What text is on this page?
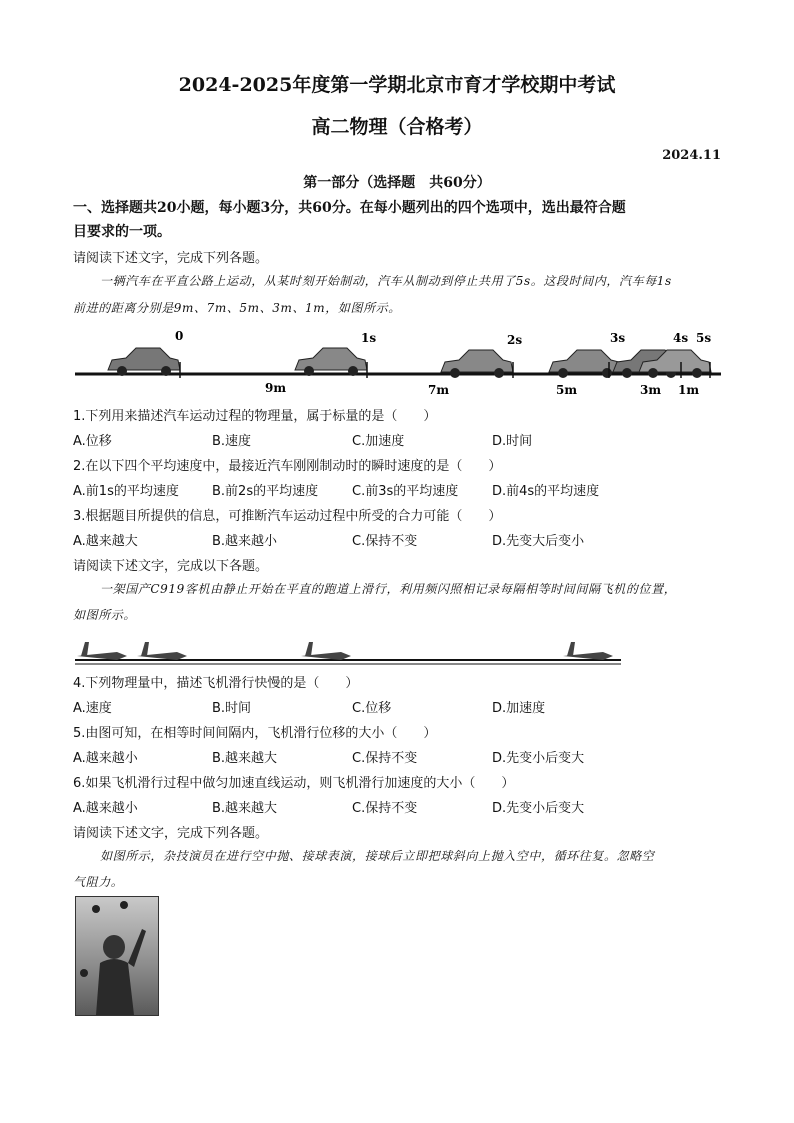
2024-2025年度第一学期北京市育才学校期中考试
高二物理（合格考）
2024.11
第一部分（选择题　共60分）
一、选择题共20小题，每小题3分，共60分。在每小题列出的四个选项中，选出最符合题
目要求的一项。
请阅读下述文字，完成下列各题。
一辆汽车在平直公路上运动，从某时刻开始制动，汽车从制动到停止共用了5s。这段时间内，汽车每1s
前进的距离分别是9m、7m、5m、3m、1m，如图所示。
0	1s	2s	3s	4s 5s
9m	7m	5m	3m 1m
1.下列用来描述汽车运动过程的物理量，属于标量的是（　　）
A.位移	B.速度	C.加速度	D.时间
2.在以下四个平均速度中，最接近汽车刚刚制动时的瞬时速度的是（　　）
A.前1s的平均速度	B.前2s的平均速度	C.前3s的平均速度	D.前4s的平均速度
3.根据题目所提供的信息，可推断汽车运动过程中所受的合力可能（　　）
A.越来越大	B.越来越小	C.保持不变	D.先变大后变小
请阅读下述文字，完成以下各题。
一架国产C919客机由静止开始在平直的跑道上滑行，利用频闪照相记录每隔相等时间间隔飞机的位置，
如图所示。
4.下列物理量中，描述飞机滑行快慢的是（　　）
A.速度	B.时间	C.位移	D.加速度
5.由图可知，在相等时间间隔内，飞机滑行位移的大小（　　）
A.越来越小	B.越来越大	C.保持不变	D.先变小后变大
6.如果飞机滑行过程中做匀加速直线运动，则飞机滑行加速度的大小（　　）
A.越来越小	B.越来越大	C.保持不变	D.先变小后变大
请阅读下述文字，完成下列各题。
如图所示，杂技演员在进行空中抛、接球表演，接球后立即把球斜向上抛入空中，循环往复。忽略空
气阻力。
